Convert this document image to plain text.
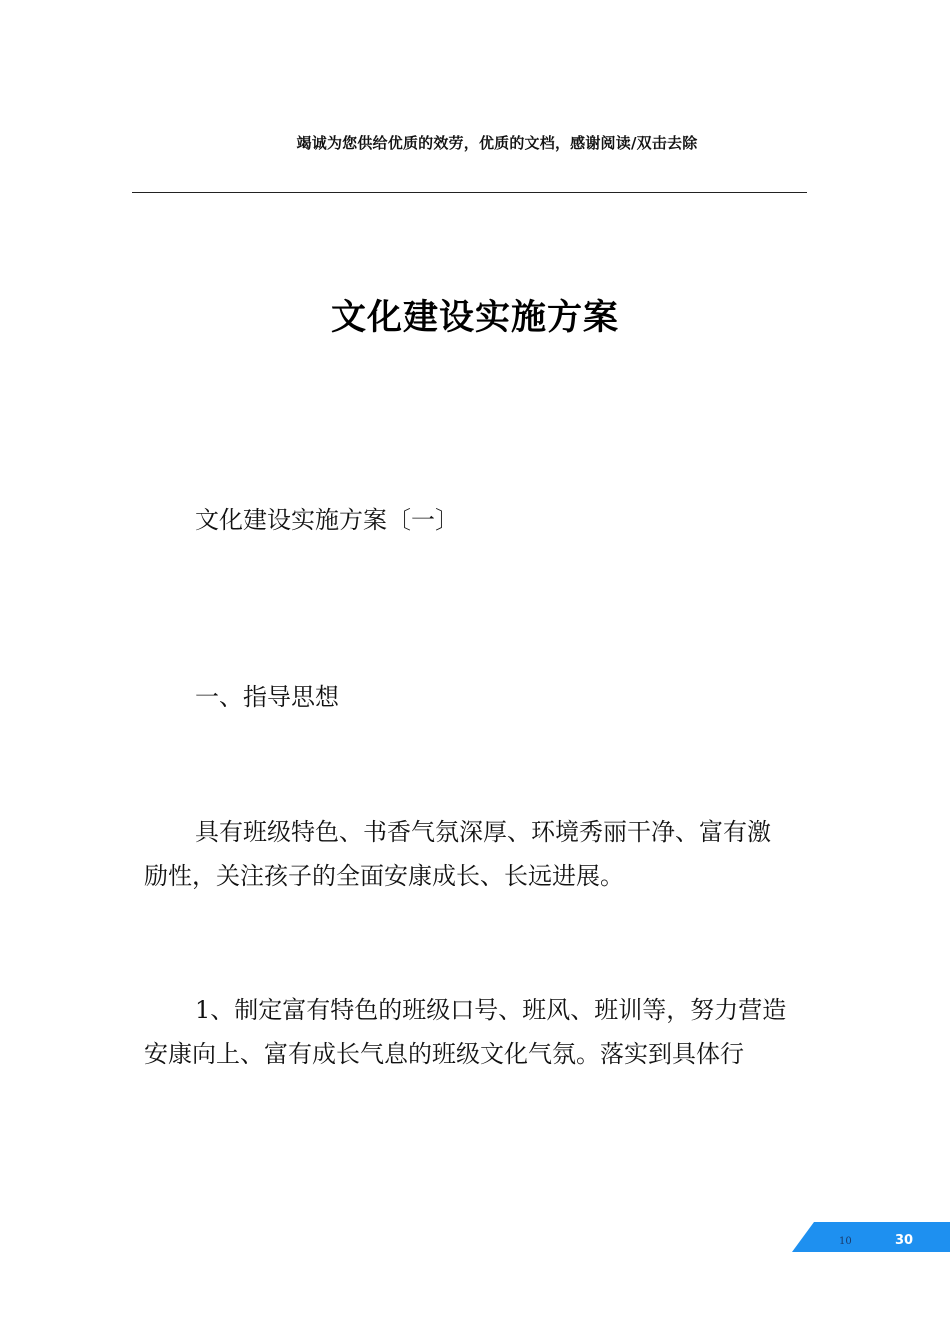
竭诚为您供给优质的效劳，优质的文档，感谢阅读/双击去除
文化建设实施方案
文化建设实施方案〔一〕
一、指导思想
具有班级特色、书香气氛深厚、环境秀丽干净、富有激励性，关注孩子的全面安康成长、长远进展。
1、制定富有特色的班级口号、班风、班训等，努力营造安康向上、富有成长气息的班级文化气氛。落实到具体行
10	30
